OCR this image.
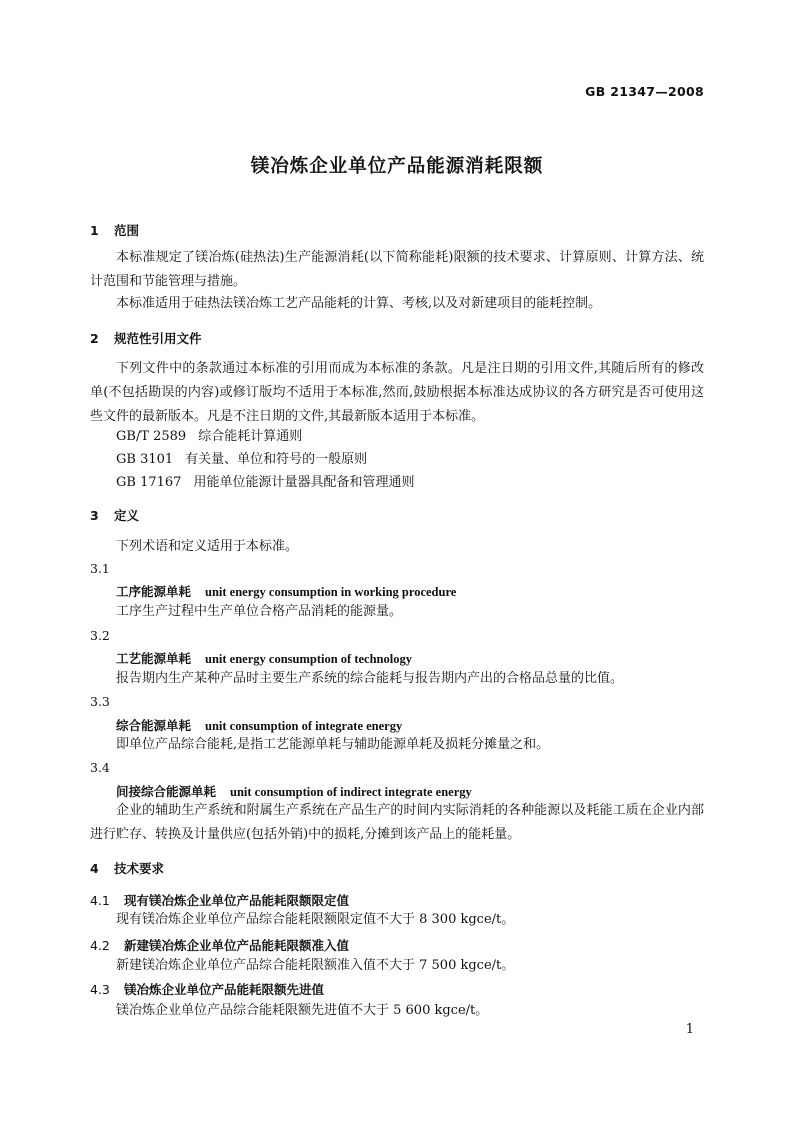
GB 21347—2008
镁冶炼企业单位产品能源消耗限额
1 范围
本标准规定了镁冶炼(硅热法)生产能源消耗(以下简称能耗)限额的技术要求、计算原则、计算方法、统计范围和节能管理与措施。
本标准适用于硅热法镁冶炼工艺产品能耗的计算、考核,以及对新建项目的能耗控制。
2 规范性引用文件
下列文件中的条款通过本标准的引用而成为本标准的条款。凡是注日期的引用文件,其随后所有的修改单(不包括勘误的内容)或修订版均不适用于本标准,然而,鼓励根据本标准达成协议的各方研究是否可使用这些文件的最新版本。凡是不注日期的文件,其最新版本适用于本标准。
GB/T 2589 综合能耗计算通则
GB 3101 有关量、单位和符号的一般原则
GB 17167 用能单位能源计量器具配备和管理通则
3 定义
下列术语和定义适用于本标准。
3.1
工序能源单耗 unit energy consumption in working procedure
工序生产过程中生产单位合格产品消耗的能源量。
3.2
工艺能源单耗 unit energy consumption of technology
报告期内生产某种产品时主要生产系统的综合能耗与报告期内产出的合格品总量的比值。
3.3
综合能源单耗 unit consumption of integrate energy
即单位产品综合能耗,是指工艺能源单耗与辅助能源单耗及损耗分摊量之和。
3.4
间接综合能源单耗 unit consumption of indirect integrate energy
企业的辅助生产系统和附属生产系统在产品生产的时间内实际消耗的各种能源以及耗能工质在企业内部进行贮存、转换及计量供应(包括外销)中的损耗,分摊到该产品上的能耗量。
4 技术要求
4.1 现有镁冶炼企业单位产品能耗限额限定值
现有镁冶炼企业单位产品综合能耗限额限定值不大于 8 300 kgce/t。
4.2 新建镁冶炼企业单位产品能耗限额准入值
新建镁冶炼企业单位产品综合能耗限额准入值不大于 7 500 kgce/t。
4.3 镁冶炼企业单位产品能耗限额先进值
镁冶炼企业单位产品综合能耗限额先进值不大于 5 600 kgce/t。
1
